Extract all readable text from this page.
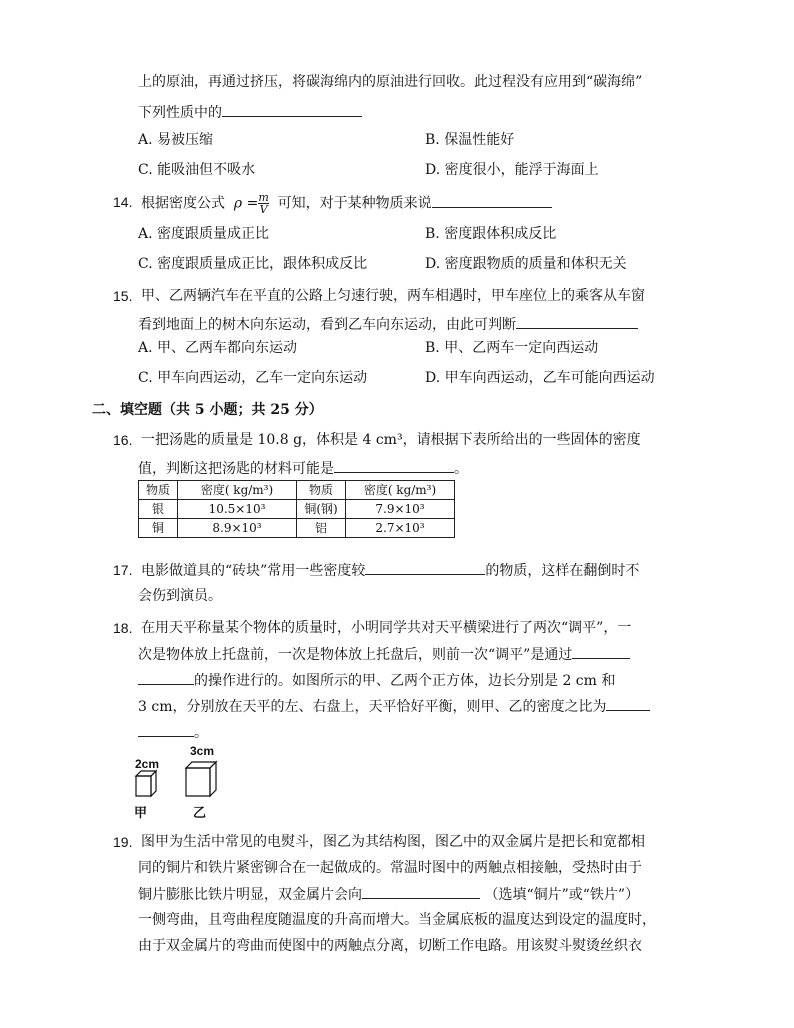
上的原油，再通过挤压，将碳海绵内的原油进行回收。此过程没有应用到“碳海绵”
下列性质中的
A. 易被压缩	B. 保温性能好
C. 能吸油但不吸水	D. 密度很小，能浮于海面上
14. 根据密度公式 $\rho = \frac{m}{V}$ 可知，对于某种物质来说
A. 密度跟质量成正比	B. 密度跟体积成反比
C. 密度跟质量成正比，跟体积成反比	D. 密度跟物质的质量和体积无关
15. 甲、乙两辆汽车在平直的公路上匀速行驶，两车相遇时，甲车座位上的乘客从车窗
看到地面上的树木向东运动，看到乙车向东运动，由此可判断
A. 甲、乙两车都向东运动	B. 甲、乙两车一定向西运动
C. 甲车向西运动，乙车一定向东运动	D. 甲车向西运动，乙车可能向西运动
二、填空题（共 5 小题；共 25 分）
16. 一把汤匙的质量是 10.8 g，体积是 4 cm³，请根据下表所给出的一些固体的密度
值，判断这把汤匙的材料可能是	。
物质	密度( kg/m³)	物质	密度( kg/m³)
银	10.5×10³	铜(钢)	7.9×10³
铜	8.9×10³	铝	2.7×10³
17. 电影做道具的“砖块”常用一些密度较	的物质，这样在翻倒时不
会伤到演员。
18. 在用天平称量某个物体的质量时，小明同学共对天平横梁进行了两次“调平”，一
次是物体放上托盘前，一次是物体放上托盘后，则前一次“调平”是通过
的操作进行的。如图所示的甲、乙两个正方体，边长分别是 2 cm 和
3 cm，分别放在天平的左、右盘上，天平恰好平衡，则甲、乙的密度之比为
。
2cm
3cm
甲	乙
19. 图甲为生活中常见的电熨斗，图乙为其结构图，图乙中的双金属片是把长和宽都相
同的铜片和铁片紧密铆合在一起做成的。常温时图中的两触点相接触，受热时由于
铜片膨胀比铁片明显，双金属片会向	（选填“铜片”或“铁片”）
一侧弯曲，且弯曲程度随温度的升高而增大。当金属底板的温度达到设定的温度时，
由于双金属片的弯曲而使图中的两触点分离，切断工作电路。用该熨斗熨烫丝织衣
